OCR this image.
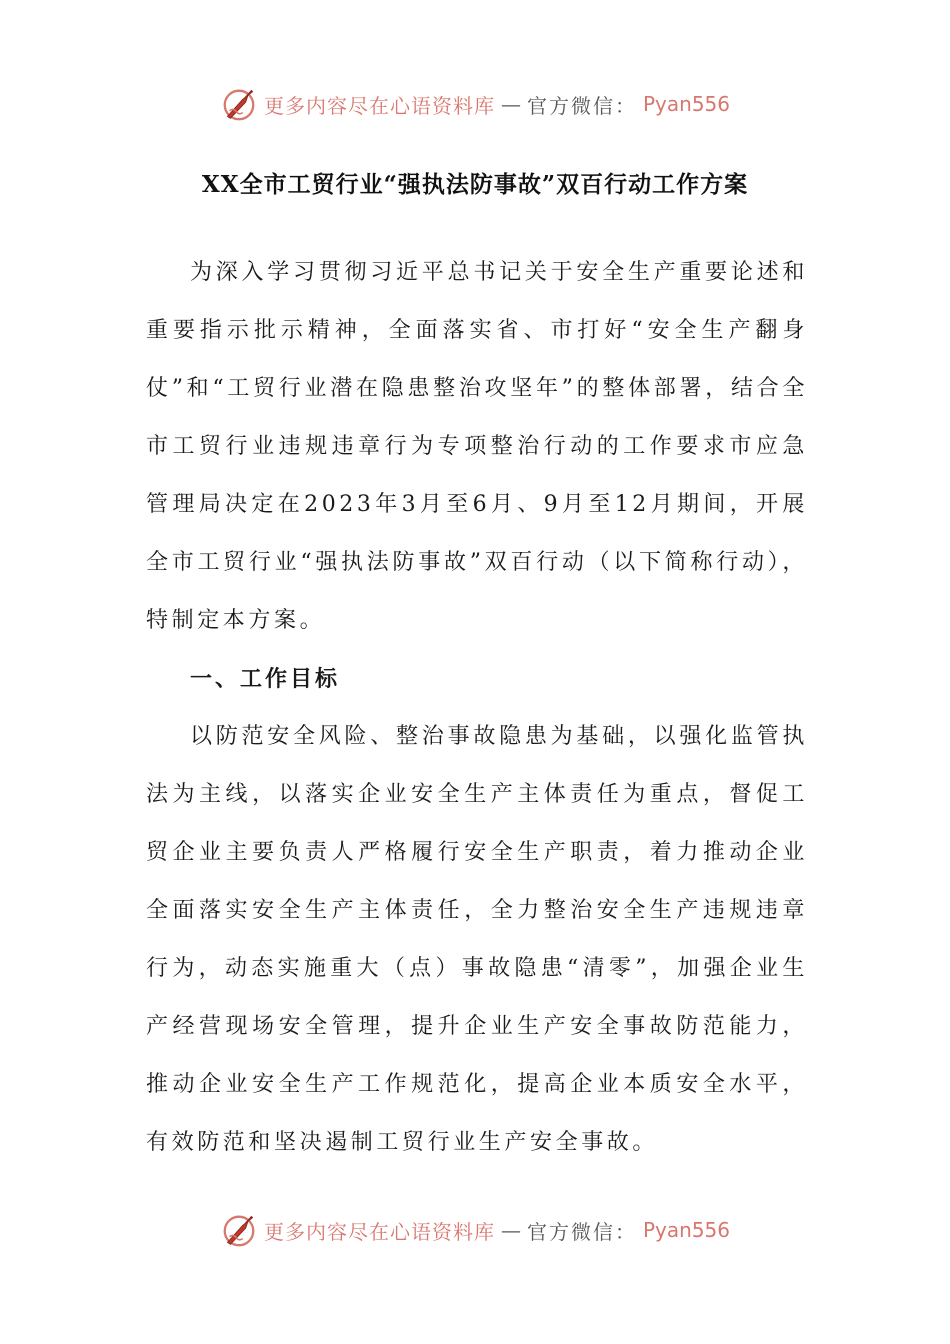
更多内容尽在心语资料库 — 官方微信： Pyan556
XX全市工贸行业“强执法防事故”双百行动工作方案

为深入学习贯彻习近平总书记关于安全生产重要论述和重要指示批示精神，全面落实省、市打好“安全生产翻身仗”和“工贸行业潜在隐患整治攻坚年”的整体部署，结合全市工贸行业违规违章行为专项整治行动的工作要求市应急管理局决定在2023年3月至6月、9月至12月期间，开展全市工贸行业“强执法防事故”双百行动（以下简称行动），特制定本方案。

一、工作目标

以防范安全风险、整治事故隐患为基础，以强化监管执法为主线，以落实企业安全生产主体责任为重点，督促工贸企业主要负责人严格履行安全生产职责，着力推动企业全面落实安全生产主体责任，全力整治安全生产违规违章行为，动态实施重大（点）事故隐患“清零”，加强企业生产经营现场安全管理，提升企业生产安全事故防范能力，推动企业安全生产工作规范化，提高企业本质安全水平，有效防范和坚决遏制工贸行业生产安全事故。

更多内容尽在心语资料库 — 官方微信： Pyan556
